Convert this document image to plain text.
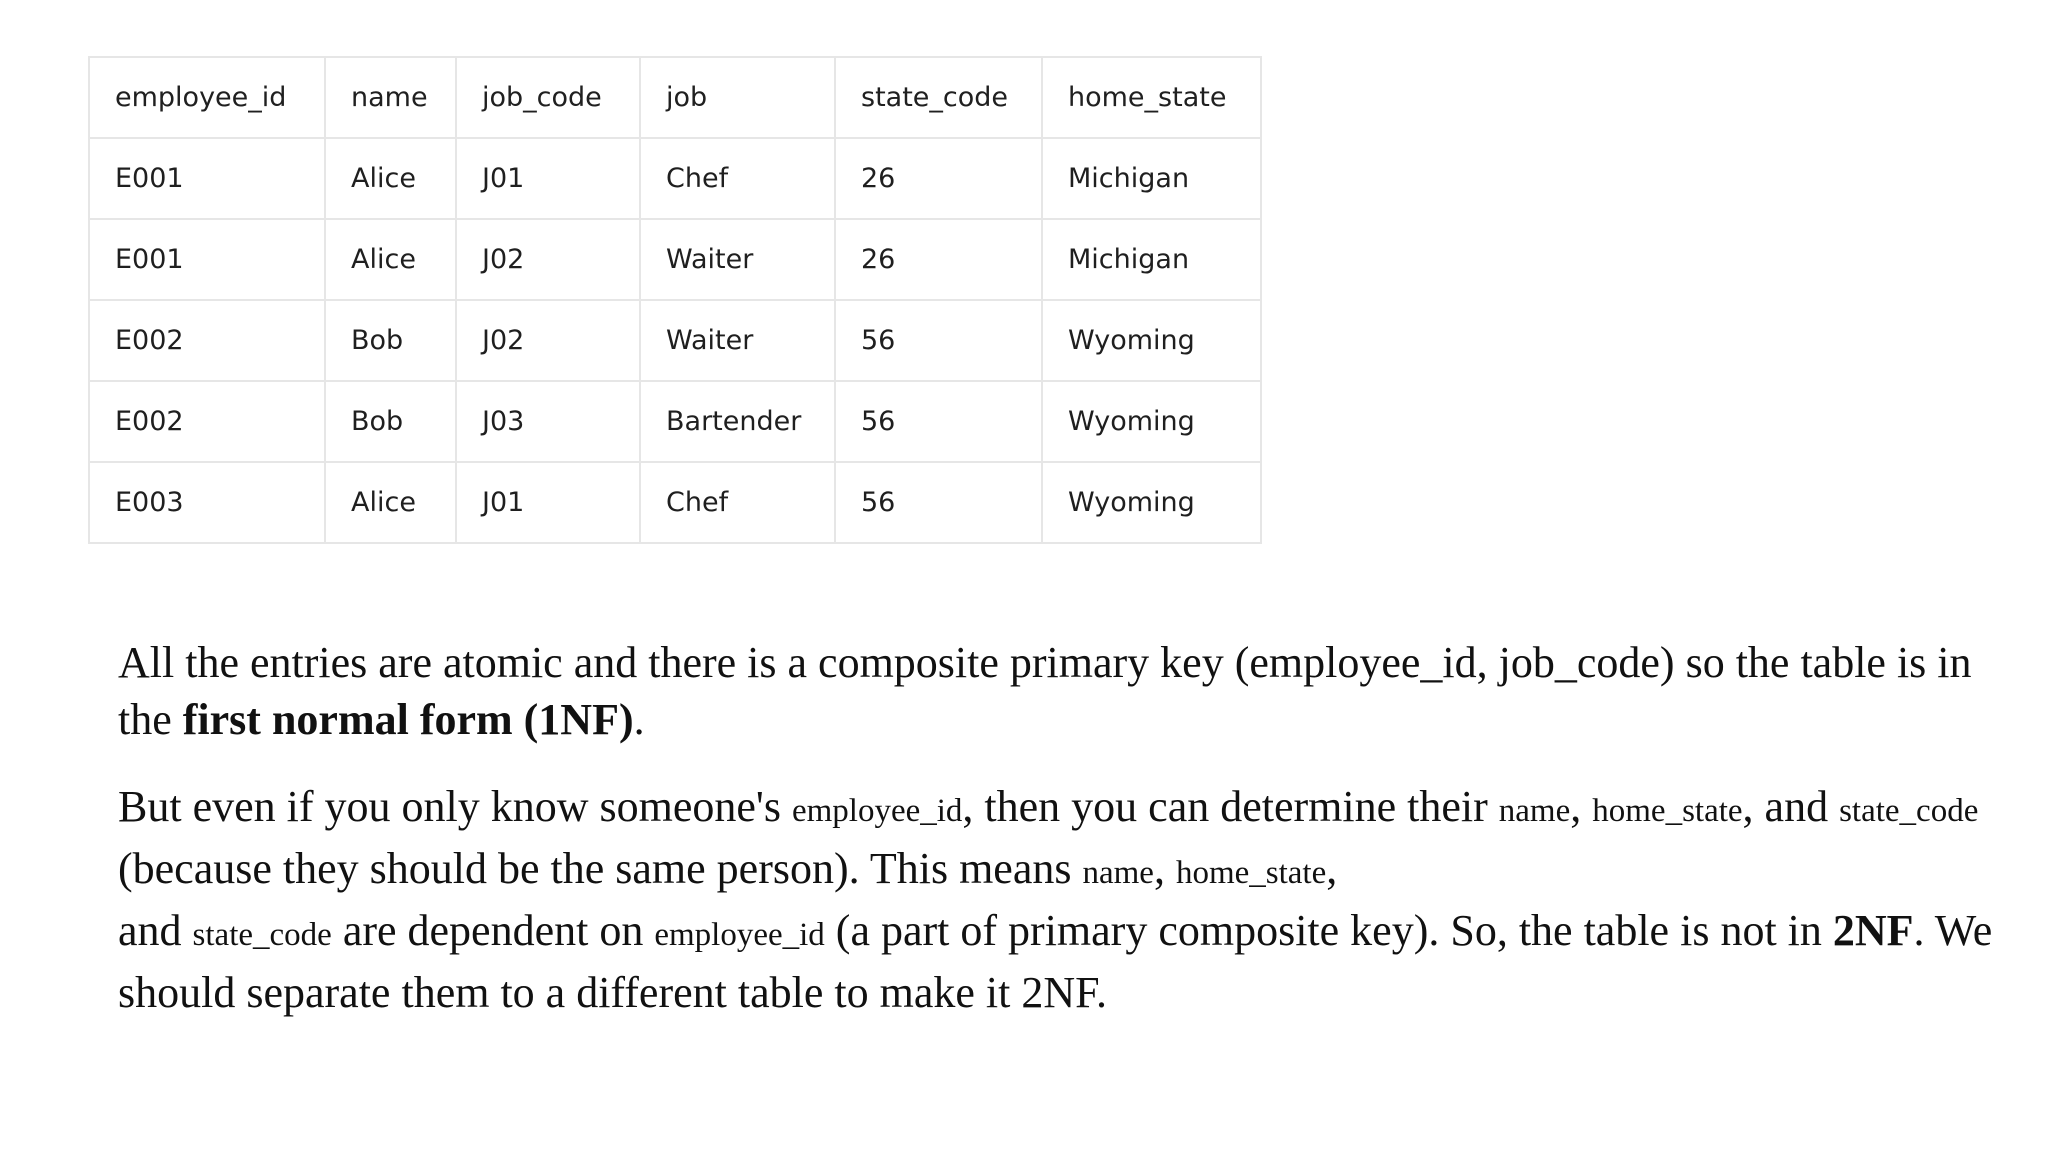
employee_id	name	job_code	job	state_code	home_state
E001	Alice	J01	Chef	26	Michigan
E001	Alice	J02	Waiter	26	Michigan
E002	Bob	J02	Waiter	56	Wyoming
E002	Bob	J03	Bartender	56	Wyoming
E003	Alice	J01	Chef	56	Wyoming

All the entries are atomic and there is a composite primary key (employee_id, job_code) so the table is in the first normal form (1NF).

But even if you only know someone's employee_id, then you can determine their name, home_state, and state_code (because they should be the same person). This means name, home_state,
and state_code are dependent on employee_id (a part of primary composite key). So, the table is not in 2NF. We should separate them to a different table to make it 2NF.
